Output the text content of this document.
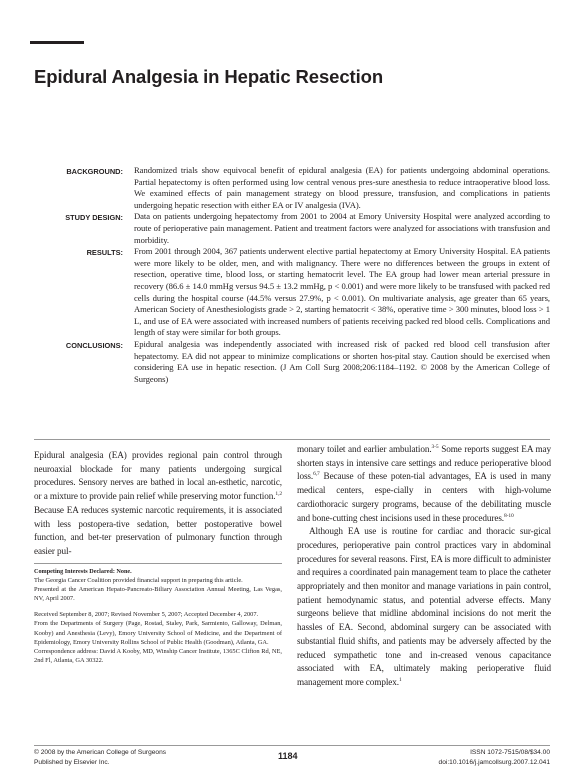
Epidural Analgesia in Hepatic Resection
BACKGROUND:	Randomized trials show equivocal benefit of epidural analgesia (EA) for patients undergoing abdominal operations. Partial hepatectomy is often performed using low central venous pres-sure anesthesia to reduce intraoperative blood loss. We examined effects of pain management strategy on blood pressure, transfusion, and complications in patients undergoing hepatic resection with either EA or IV analgesia (IVA).
STUDY DESIGN:	Data on patients undergoing hepatectomy from 2001 to 2004 at Emory University Hospital were analyzed according to route of perioperative pain management. Patient and treatment factors were analyzed for associations with transfusion and morbidity.
RESULTS:	From 2001 through 2004, 367 patients underwent elective partial hepatectomy at Emory University Hospital. EA patients were more likely to be older, men, and with malignancy. There were no differences between the groups in extent of resection, operative time, blood loss, or starting hematocrit level. The EA group had lower mean arterial pressure in recovery (86.6 ± 14.0 mmHg versus 94.5 ± 13.2 mmHg, p < 0.001) and were more likely to be transfused with packed red cells during the hospital course (44.5% versus 27.9%, p < 0.001). On multivariate analysis, age greater than 65 years, American Society of Anesthesiologists grade > 2, starting hematocrit < 38%, operative time > 300 minutes, blood loss > 1 L, and use of EA were associated with increased numbers of patients receiving packed red blood cells. Complications and length of stay were similar for both groups.
CONCLUSIONS:	Epidural analgesia was independently associated with increased risk of packed red blood cell transfusion after hepatectomy. EA did not appear to minimize complications or shorten hos-pital stay. Caution should be exercised when considering EA use in hepatic resection. (J Am Coll Surg 2008;206:1184–1192. © 2008 by the American College of Surgeons)

Epidural analgesia (EA) provides regional pain control through neuroaxial blockade for many patients undergoing surgical procedures. Sensory nerves are bathed in local an-esthetic, narcotic, or a mixture to provide pain relief while preserving motor function.$^{1,2}$ Because EA reduces systemic narcotic requirements, it is associated with less postopera-tive sedation, better postoperative bowel function, and bet-ter preservation of pulmonary function through easier pul-

Competing Interests Declared: None.
The Georgia Cancer Coalition provided financial support in preparing this article.
Presented at the American Hepato-Pancreato-Biliary Association Annual Meeting, Las Vegas, NV, April 2007.
Received September 8, 2007; Revised November 5, 2007; Accepted December 4, 2007.
From the Departments of Surgery (Page, Rostad, Staley, Park, Sarmiento, Galloway, Delman, Kooby) and Anesthesia (Levy), Emory University School of Medicine, and the Department of Epidemiology, Emory University Rollins School of Public Health (Goodman), Atlanta, GA.
Correspondence address: David A Kooby, MD, Winship Cancer Institute, 1365C Clifton Rd, NE, 2nd Fl, Atlanta, GA 30322.

monary toilet and earlier ambulation.$^{3-5}$ Some reports suggest EA may shorten stays in intensive care settings and reduce perioperative blood loss.$^{6,7}$ Because of these poten-tial advantages, EA is used in many medical centers, espe-cially in centers with high-volume cardiothoracic surgery programs, because of the debilitating muscle and bone-cutting chest incisions used in these procedures.$^{8-10}$

Although EA use is routine for cardiac and thoracic sur-gical procedures, perioperative pain control practices vary in abdominal procedures for several reasons. First, EA is more difficult to administer and requires a coordinated pain management team to place the catheter appropriately and then monitor and manage variations in pain control, patient hemodynamic status, and potential adverse effects. Many surgeons believe that midline abdominal incisions do not merit the hassles of EA. Second, abdominal surgery can be associated with substantial fluid shifts, and patients may be adversely affected by the reduced sympathetic tone and in-creased venous capacitance associated with EA, ultimately making perioperative fluid management more complex.$^1$

© 2008 by the American College of Surgeons
Published by Elsevier Inc.
1184	ISSN 1072-7515/08/$34.00
doi:10.1016/j.jamcollsurg.2007.12.041
